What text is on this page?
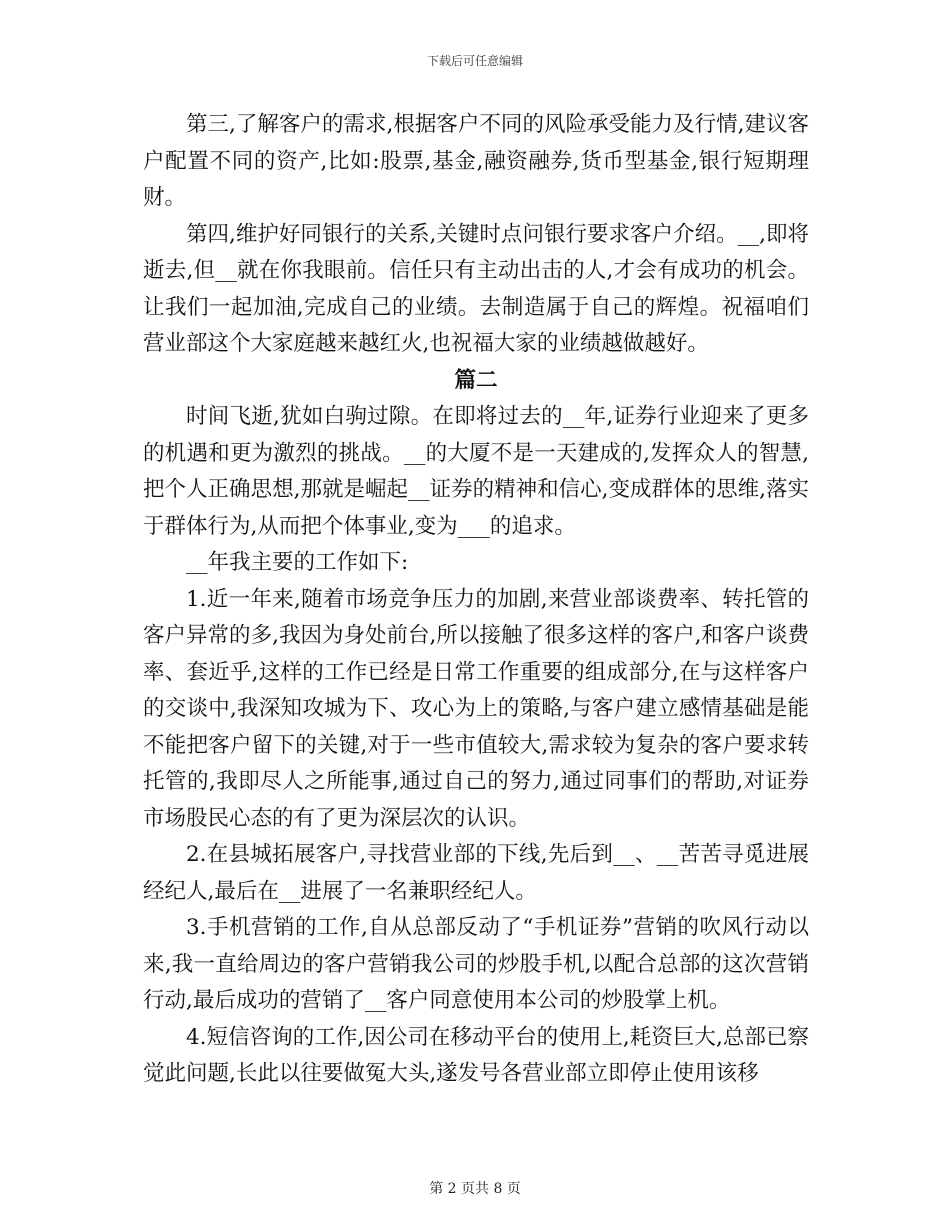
下载后可任意编辑

第三,了解客户的需求,根据客户不同的风险承受能力及行情,建议客户配置不同的资产,比如:股票,基金,融资融券,货币型基金,银行短期理财。

第四,维护好同银行的关系,关键时点问银行要求客户介绍。__,即将逝去,但__就在你我眼前。信任只有主动出击的人,才会有成功的机会。让我们一起加油,完成自己的业绩。去制造属于自己的辉煌。祝福咱们营业部这个大家庭越来越红火,也祝福大家的业绩越做越好。

篇二

时间飞逝,犹如白驹过隙。在即将过去的__年,证券行业迎来了更多的机遇和更为激烈的挑战。__的大厦不是一天建成的,发挥众人的智慧,把个人正确思想,那就是崛起__证券的精神和信心,变成群体的思维,落实于群体行为,从而把个体事业,变为___的追求。

__年我主要的工作如下:

1.近一年来,随着市场竞争压力的加剧,来营业部谈费率、转托管的客户异常的多,我因为身处前台,所以接触了很多这样的客户,和客户谈费率、套近乎,这样的工作已经是日常工作重要的组成部分,在与这样客户的交谈中,我深知攻城为下、攻心为上的策略,与客户建立感情基础是能不能把客户留下的关键,对于一些市值较大,需求较为复杂的客户要求转托管的,我即尽人之所能事,通过自己的努力,通过同事们的帮助,对证券市场股民心态的有了更为深层次的认识。

2.在县城拓展客户,寻找营业部的下线,先后到__、__苦苦寻觅进展经纪人,最后在__进展了一名兼职经纪人。

3.手机营销的工作,自从总部反动了“手机证券”营销的吹风行动以来,我一直给周边的客户营销我公司的炒股手机,以配合总部的这次营销行动,最后成功的营销了__客户同意使用本公司的炒股掌上机。

4.短信咨询的工作,因公司在移动平台的使用上,耗资巨大,总部已察觉此问题,长此以往要做冤大头,遂发号各营业部立即停止使用该移

第 2 页共 8 页
